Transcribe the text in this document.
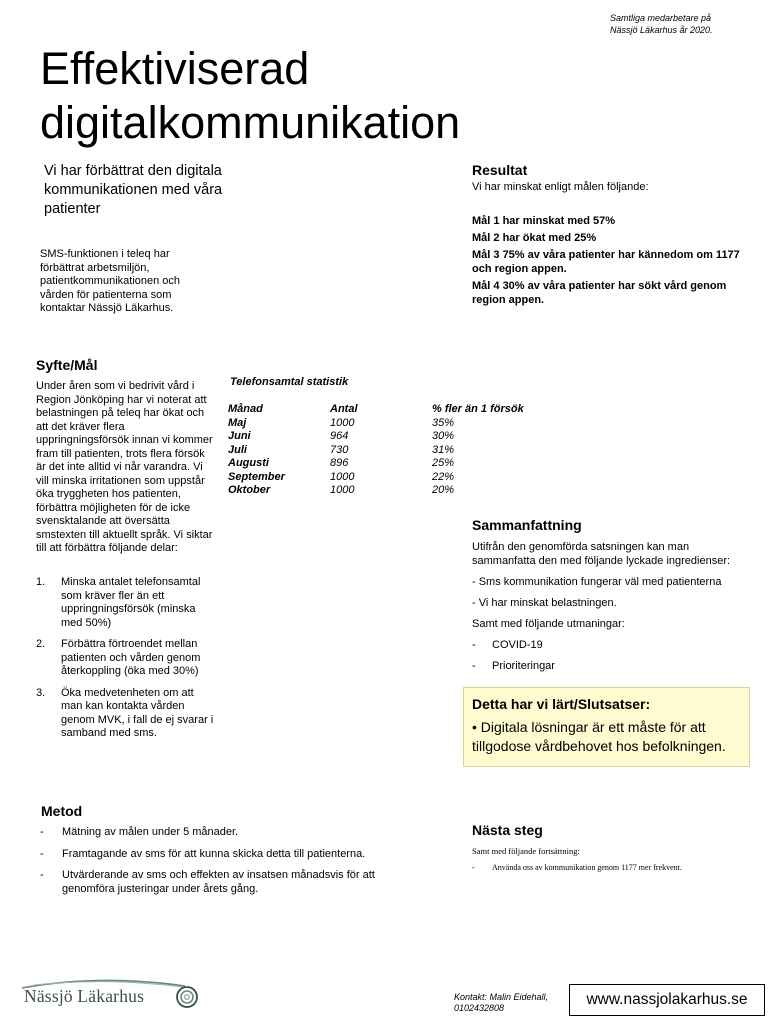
Samtliga medarbetare på
Nässjö Läkarhus år 2020.
Effektiviserad
digitalkommunikation
Vi har förbättrat den digitala
kommunikationen med våra
patienter
SMS-funktionen i teleq har
förbättrat arbetsmiljön,
patientkommunikationen och
vården för patienterna som
kontaktar Nässjö Läkarhus.
Resultat
Vi har minskat enligt målen följande:
Mål 1 har minskat med 57%
Mål 2 har ökat med 25%
Mål 3 75% av våra patienter har kännedom om 1177 och region appen.
Mål 4 30% av våra patienter har sökt vård genom region appen.
Syfte/Mål
Under åren som vi bedrivit vård i Region Jönköping har vi noterat att belastningen på teleq har ökat och att det kräver flera uppringningsförsök innan vi kommer fram till patienten, trots flera försök är det inte alltid vi når varandra. Vi vill minska irritationen som uppstår öka tryggheten hos patienten, förbättra möjligheten för de icke svensktalande att översätta smstexten till aktuellt språk. Vi siktar till att förbättra följande delar:
1. Minska antalet telefonsamtal som kräver fler än ett uppringningsförsök (minska med 50%)
2. Förbättra förtroendet mellan patienten och vården genom återkoppling (öka med 30%)
3. Öka medvetenheten om att man kan kontakta vården genom MVK, i fall de ej svarar i samband med sms.
Telefonsamtal statistik
Månad	Antal	% fler än 1 försök
Maj	1000	35%
Juni	964	30%
Juli	730	31%
Augusti	896	25%
September	1000	22%
Oktober	1000	20%
Sammanfattning

Utifrån den genomförda satsningen kan man sammanfatta den med följande lyckade ingredienser:

- Sms kommunikation fungerar väl med patienterna

- Vi har minskat belastningen.

Samt med följande utmaningar:

-	COVID-19

-	Prioriteringar

Detta har vi lärt/Slutsatser:
• Digitala lösningar är ett måste för att tillgodose vårdbehovet hos befolkningen.
Metod
- Mätning av målen under 5 månader.
- Framtagande av sms för att kunna skicka detta till patienterna.
- Utvärderande av sms och effekten av insatsen månadsvis för att genomföra justeringar under årets gång.
Nästa steg
Samt med följande fortsättning:
- Använda oss av kommunikation genom 1177 mer frekvent.
Nässjö Läkarhus	Kontakt: Malin Eidehall,
0102432808	www.nassjolakarhus.se
